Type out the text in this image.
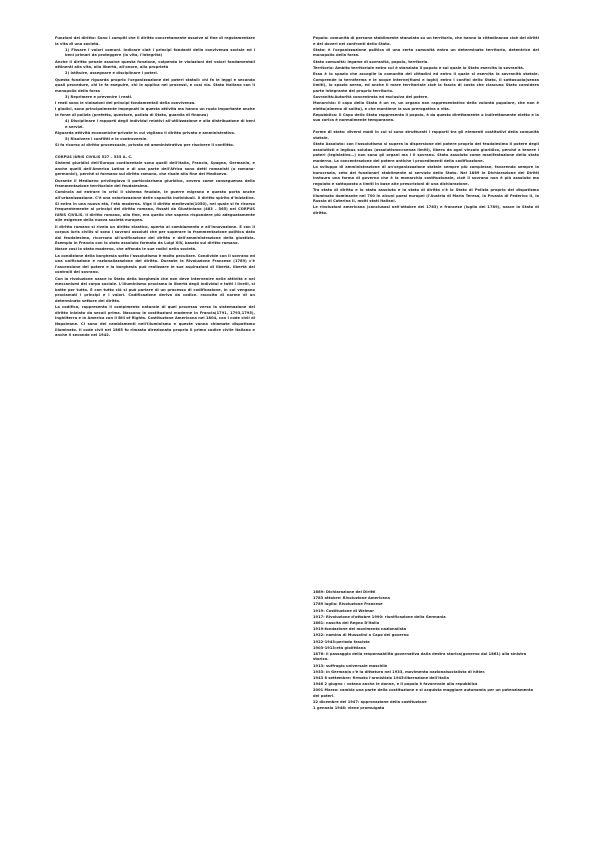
Funzioni del diritto: Sono i compiti che il diritto concretamente assolve al fine di regolamentare la vita di una società.
1) Fissare i valori comuni. Indicare cioè i principi fondanti della convivenza sociale ed i beni primari da proteggere (la vita, l'integrità)
Anche il diritto penale assolve questa funzione, colpendo le violazioni dei valori fondamentali attinenti alla vita, alla libertà, all'onore, alla proprietà
2) Istituire, assegnare e disciplinare i poteri.
Questa funzione riguarda proprio l'organizzazione dei poteri statali: chi fa le leggi e secondo quali procedure, chi le fa eseguire, chi le applica nei processi, e così via. Stato italiano con il monopolio della forza
3) Reprimere e prevenire i reati.
I reati sono le violazioni dei principi fondamentali della convivenza.
I giudici, sono principalmente impegnati in questa attività ma hanno un ruolo importante anche le forze di polizia (prefetto, questore, polizia di Stato, guardia di finanza)
4) Disciplinare i rapporti degli individui relativi all'utilizzazione e alla distribuzione di beni e servizi.
Riguarda attività economiche-private in cui vigilano il diritto privato e amministrativo.
5) Risolvere i conflitti e le controversie.
Si fa ricorso al diritto processuale, privato ed amministrativo per risolvere il conflitto.
CORPUS IURIS CIVILIS 527 – 535 A. C.
Sistemi giuridici dell'Europa continentale sono quelli dell'Italia, Francia, Spagna, Germania, e anche quelli dell'America Latina e di una parte dell'Africa sono detti romanisti (o romano-germanici), perché si formano sul diritto romano, che risale alla fine del Medioevo.
Durante il Medioevo privilegiava il particolarismo giuridico, ovvero come conseguenza della frammentazione territoriale del feudalesimo.
Comincia ad entrare in crisi il sistema feudale, le guerre migrano e questo porta anche all'urbanizzazione. C'è una valorizzazione delle capacità individuali. Il diritto spirito d'iniziativa. Si entra in una nuova età, l'età moderna. Vige il diritto medievale(1050), nel quale si fa ricorso frequentemente ai principi del diritto romano, fissati da Giustiniano (483 – 565) nel CORPUS IURIS CIVILIS. Il diritto romano, alla fine, era quello che sapeva rispondere più adeguatamente alle esigenze della nuova società europea.
Il diritto romano si rivela un diritto elastico, aperto al cambiamento e all'innovazione. E con il corpus iuris civilis si sono i sovrani assoluti che per superare la frammentazione politica dato dal feudalesimo, ricorrono all'unificazione del diritto e dell'amministrazione della giustizia. Esempio in Francia con lo stato assoluto formato da Luigi XIV, basato sul diritto romano.
Nasce così lo stato moderno, che affonda le sue radici nella società.
La condizione della borghesia sotto l'assolutismo è molto peculiare. Condivide con il sovrano ed una unificazione e razionalizzazione del diritto. Durante la Rivoluzione Francese (1789) c'è l'ascensione del potere e la borghesia può realizzare le sue aspirazioni di libertà, libertà dei controlli del sovrano.
Con la rivoluzione nasce lo Stato della borghesia che non deve intervenire nelle attività e nei meccanismi del corpo sociale. L'Illuminismo proclama la libertà degli individui e tutti i livelli, si batte per tutto. E con tutto ciò si può parlare di un processo di codificazione, in cui vengono proclamati i principi e i valori. Codificazione deriva da codice. raccolta di norme di un determinato settore del diritto.
La codifica, rappresenta il compimento naturale di quel processo verso la sistemazione del diritto iniziato da secoli prima. Nascono le costituzioni moderne in Francia(1791, 1793,1795), Inghilterra e in America con il Bill of Rights. Costituzione Americana nel 1804, con i code civil di Napoleone. Ci sono dei cambiamenti nell'Illuminismo e queste vanno chiamate dispotismo illuminato. Il code civil nel 1865 fu rimasto direzionato proprio il primo codice civile italiano e anche il secondo nel 1942.
Popolo: comunità di persone stabilmente stanziata su un territorio, che hanno la cittadinanza cioè dei diritti e dei doveri nei confronti dello Stato.
Stato: è l'organizzazione politica di una certa comunità entro un determinato territorio, detentrice del monopolio della forza.
Stato comunità: legame di sovranità, popolo, territorio.
Territorio: Ambito territoriale entro cui è stanziato il popolo e sul quale lo Stato esercita la sovranità.
Esso è lo spazio che accoglie la comunità dei cittadini ed entro il quale si esercita la sovranità statale. Comprende la terraferma e le acque interne(fiumi e laghi) entro i confini dello Stato, il sottosuolo(senza limiti), lo spazio aereo, ed anche il mare territoriale cioè la fascia di costa che ciascuno Stato considera parte integrante del proprio territorio.
Sovranità:Autorità concentrata ed esclusiva del potere.
Monarchia: il capo dello Stato è un re, un organo non rappresentativo della volontà popolare, che non è eletto(almeno di solito), e che mantiene la sua prerogativa a vita.
Repubblica: il Capo dello Stato rappresenta il popolo, è da questo direttamente o indirettamente eletto e la sua carica è normalmente temporanea.
Forme di stato: diversi modi in cui si sono strutturati i rapporti tra gli elementi costitutivi della comunità statale.
Stato Assoluto: con l'assolutismo si supera la dispersione del potere proprio del feudalesimo Il potere degli assolutisti e legibus solutus (assolutismo=senza limiti), libero da ogni vincolo giuridico, perché a tenere i poteri (legislativo…) non sono gli organi ma i il sovrano. Stato assoluto come manifestazione dello stato moderno. La concentrazione del potere antiche i procedimenti della codificazione.
Lo sviluppo di amministrazione di un'organizzazione statale sempre più complesse, favorendo sempre la burocrazia, ceto dei funzionari stabilmente al servizio dello Stato. Nel 1869 le Dichiarazione dei Diritti instaura una forma di governo che è la monarchia costituzionale, cioè il sovrano non è più assoluto ma regolato e sottoposto a limiti in base alle prescrizioni di una dichiarazione.
Tra stato di diritto e lo stato assoluto e lo stato di diritto c'è lo Stato di Polizia proprio del dispotismo illuminato dominante nel 700 in alcuni paesi europei (l'Austria di Maria Teresa, la Prussia di Federico II, la Russia di Caterina II, molti stati italiani.
Le rivoluzioni americana (conclusasi nell'ottobre del 1783) e francese (luglio del 1789), nasce lo Stato di diritto.
1689: Dichiarazione dei Diritti
1783 ottobre: Rivoluzione Americana
1789 luglio: Rivoluzione Francese
1919: Costituzione di Weimar
1917: Rivoluzione d'ottobre 1990: riunificazione della Germania
1861: nascita del Regno D'Italia
1919:fondazione del movimento nazionalista
1922: nomina di Mussolini a Capo del governo
1922-1943:periodo fascista
1903-1913:età giolittiana
1876: il passaggio della responsabilità governativa dalla destra storica(governo dal 1861) alla sinistra storica.
1913: suffragio universale maschile
1933: in Germania c'è la dittatura nel 1933, movimento nazionalsocialista di hitler.
1943 8 settembre: firmato l'armistizio 1945:liberazione dell'Italia
1946 2 giugno : votano anche le donne, e il popolo è favorevole alla repubblica
2001 Marzo: cambia una parte della costituzione e si acquista maggiore autonomia per un potenziamento dei poteri.
22 dicembre del 1947: approvazione della costituzione
1 gennaio 1948: viene promulgata
